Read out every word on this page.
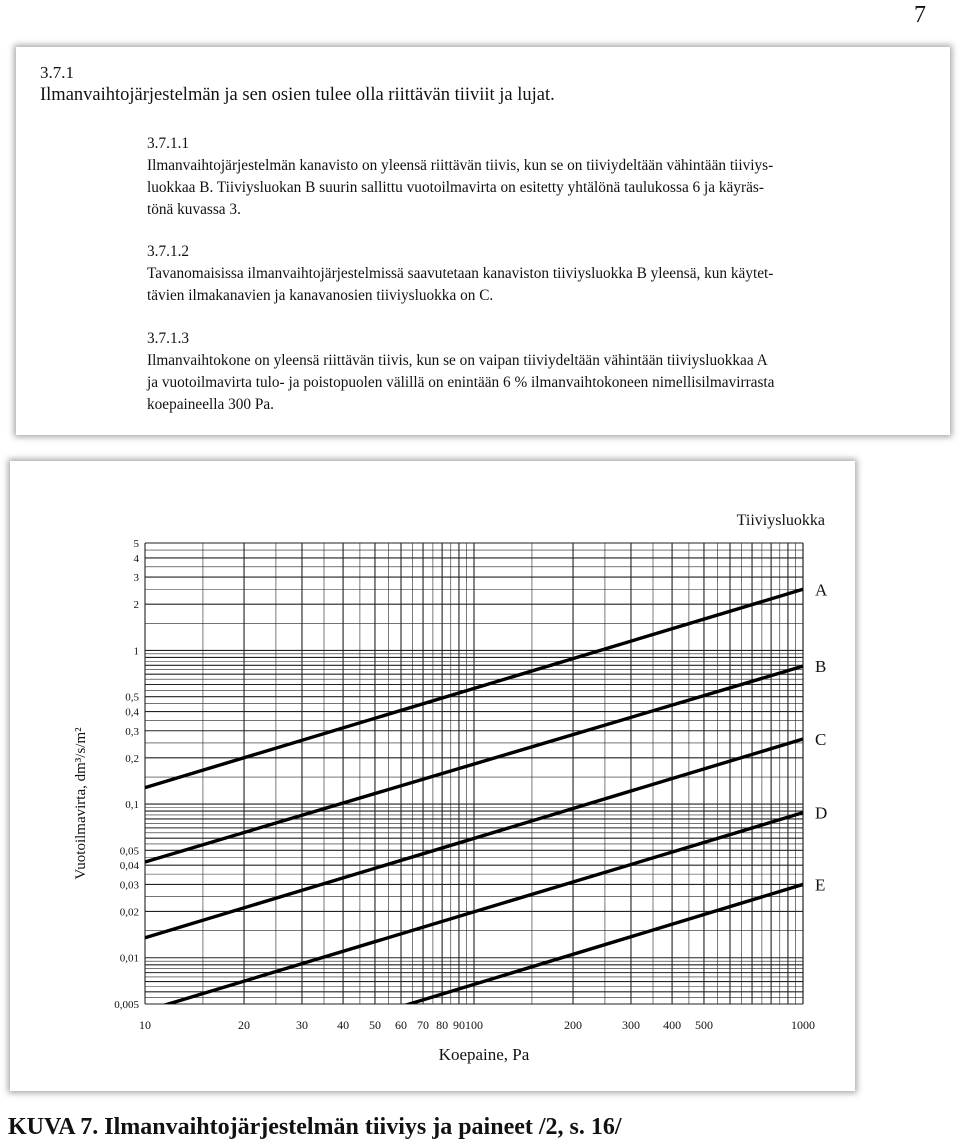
7
3.7.1
Ilmanvaihtojärjestelmän ja sen osien tulee olla riittävän tiiviit ja lujat.
3.7.1.1
Ilmanvaihtojärjestelmän kanavisto on yleensä riittävän tiivis, kun se on tiiviydeltään vähintään tiiviys-
luokkaa B. Tiiviysluokan B suurin sallittu vuotoilmavirta on esitetty yhtälönä taulukossa 6 ja käyräs-
tönä kuvassa 3.
3.7.1.2
Tavanomaisissa ilmanvaihtojärjestelmissä saavutetaan kanaviston tiiviysluokka B yleensä, kun käytet-
tävien ilmakanavien ja kanavanosien tiiviysluokka on C.
3.7.1.3
Ilmanvaihtokone on yleensä riittävän tiivis, kun se on vaipan tiiviydeltään vähintään tiiviysluokkaa A
ja vuotoilmavirta tulo- ja poistopuolen välillä on enintään 6 % ilmanvaihtokoneen nimellisilmavirrasta
koepaineella 300 Pa.
A
B
C
D
E
10	20	30 40 50 60 70 80 90 100	200	300 400 500	1000
0,005
0,01
0,02
0,03
0,04
0,05
0,1
0,2
0,3
0,4
0,5
1
2
3
4
5
Koepaine, Pa
Vuotoilmavirta, dm³/s/m²
Tiiviysluokka
KUVA 7. Ilmanvaihtojärjestelmän tiiviys ja paineet /2, s. 16/
